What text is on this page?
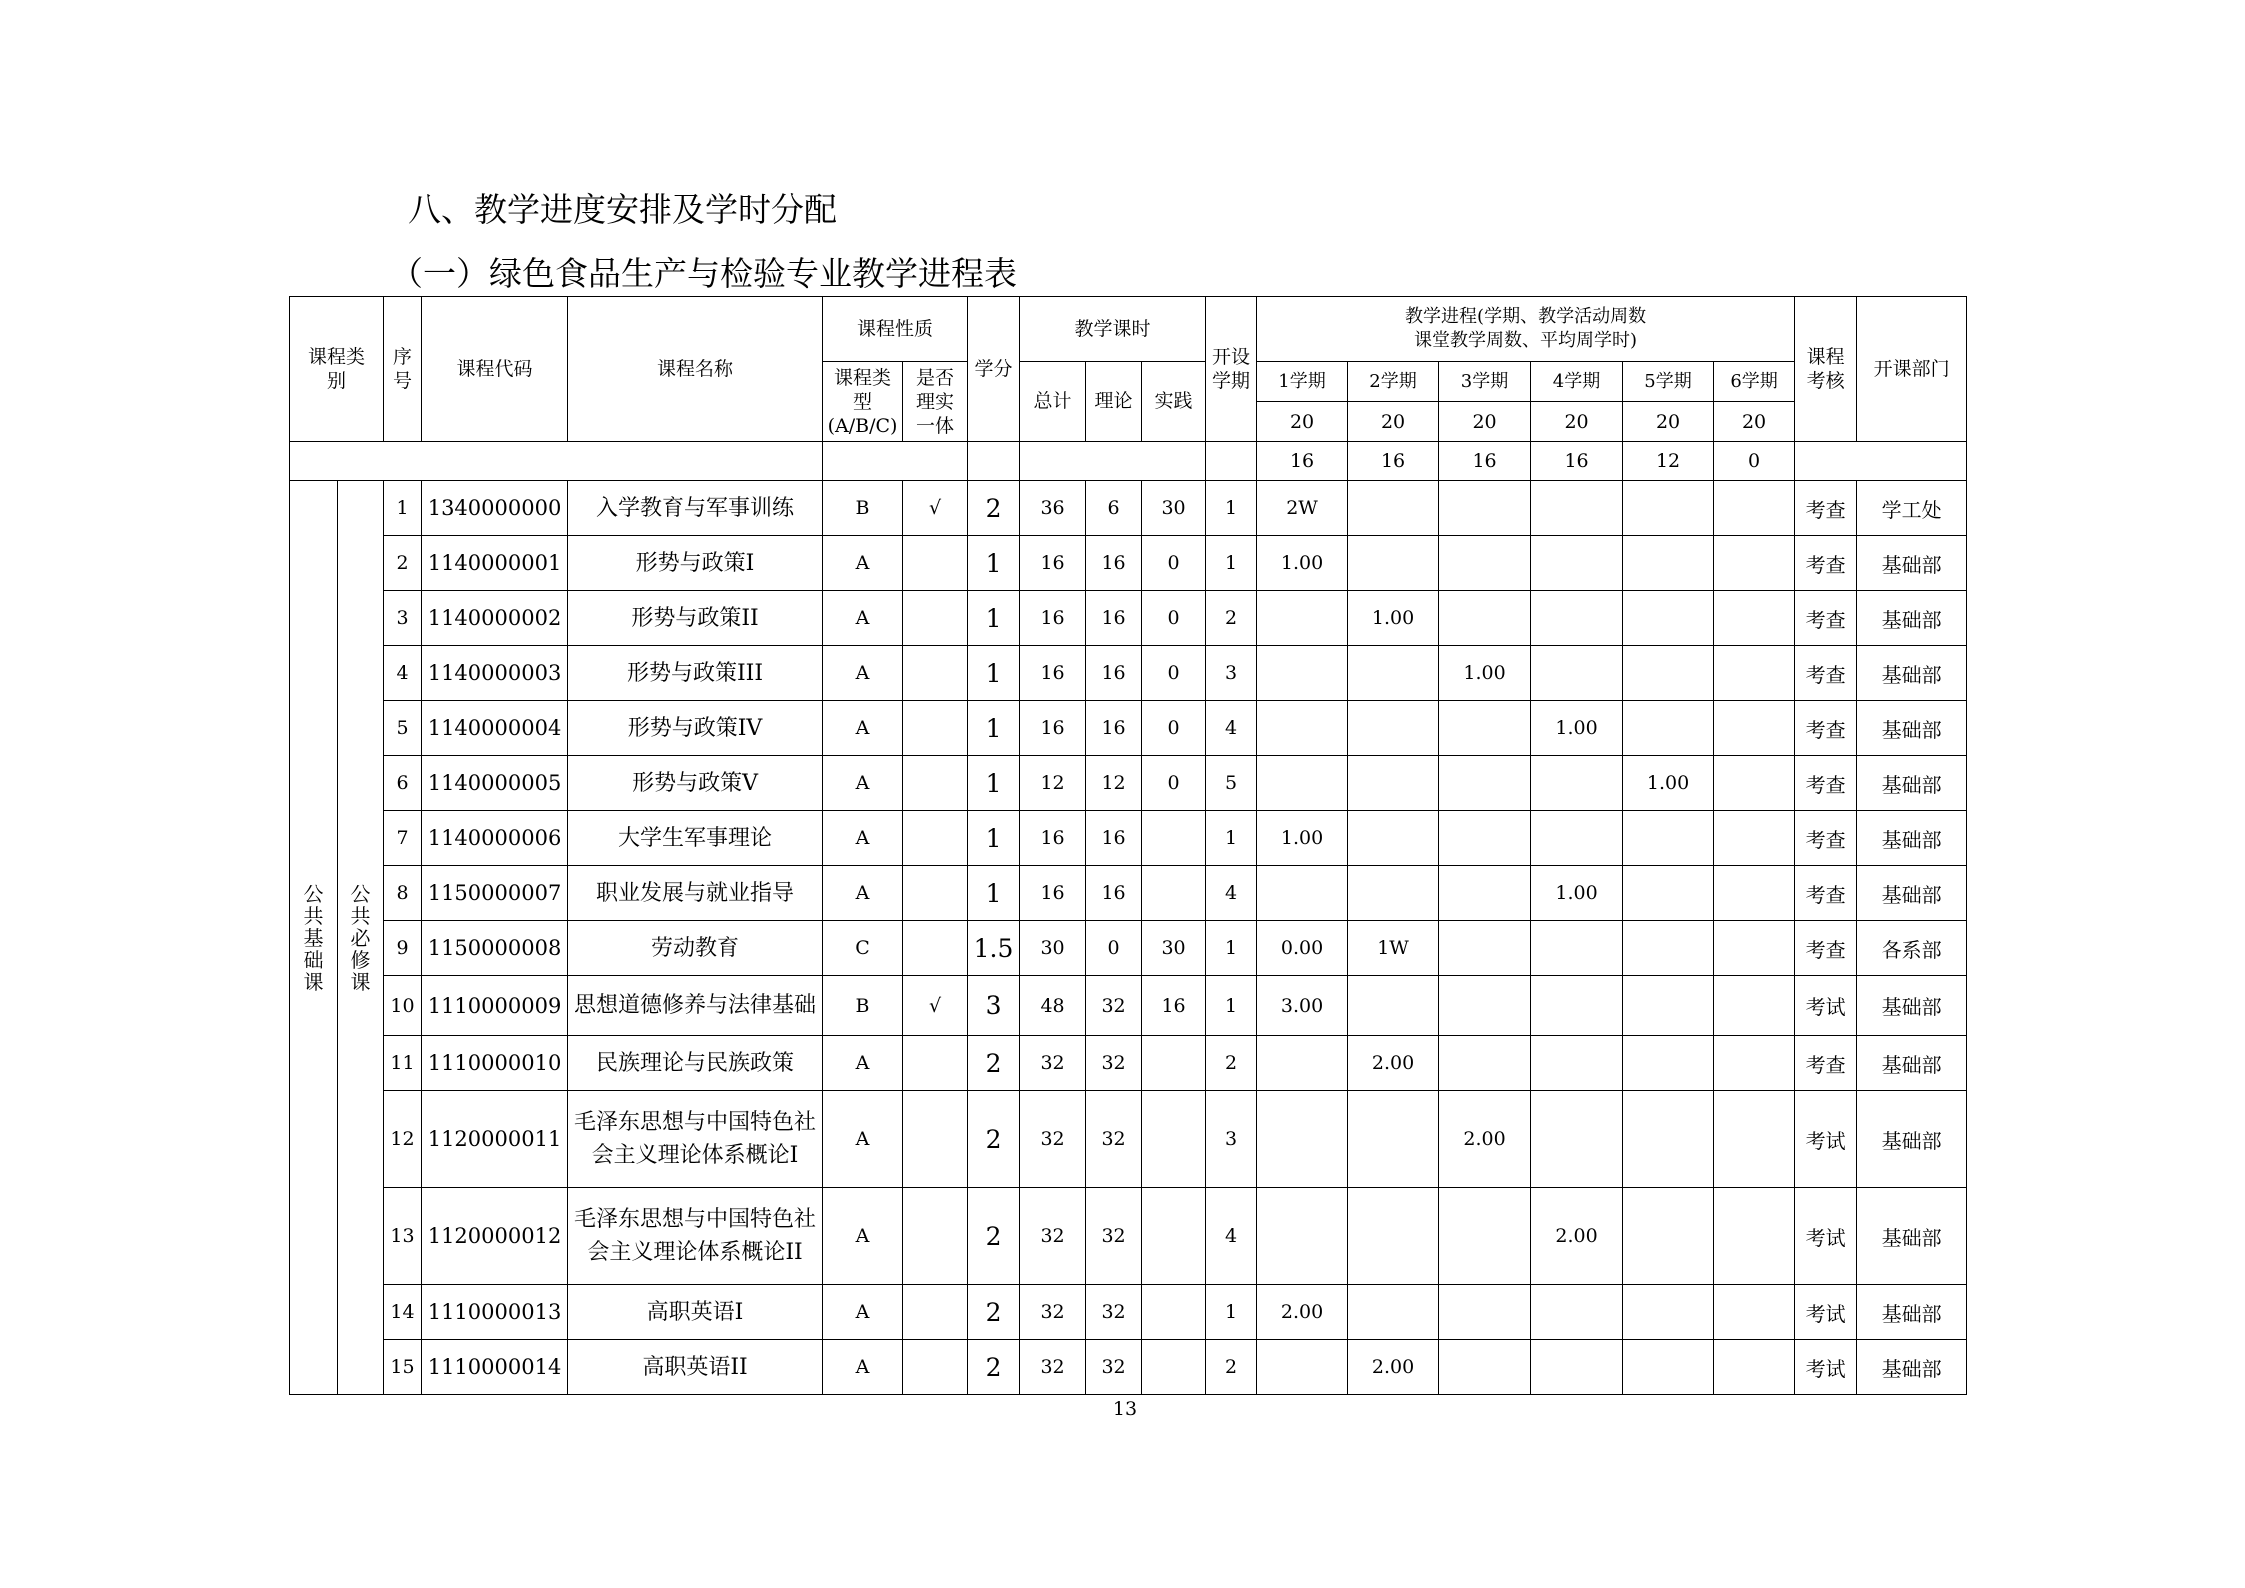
八、教学进度安排及学时分配
（一）绿色食品生产与检验专业教学进程表
课程类别		序号	课程代码	课程名称	课程性质		学分	教学课时			开设学期	教学进程(学期、教学活动周数
课堂教学周数、平均周学时)						课程考核	开课部门
					课程类型(A/B/C)	是否理实一体		总计	理论	实践		1学期	2学期	3学期	4学期	5学期	6学期		
												20	20	20	20	20	20		
												16	16	16	16	12	0		
公共基础课	公共必修课	1	1340000000	入学教育与军事训练	B	√	2	36	6	30	1	2W						考查	学工处
		2	1140000001	形势与政策I	A		1	16	16	0	1	1.00						考查	基础部
		3	1140000002	形势与政策II	A		1	16	16	0	2		1.00					考查	基础部
		4	1140000003	形势与政策III	A		1	16	16	0	3			1.00				考查	基础部
		5	1140000004	形势与政策IV	A		1	16	16	0	4				1.00			考查	基础部
		6	1140000005	形势与政策V	A		1	12	12	0	5					1.00		考查	基础部
		7	1140000006	大学生军事理论	A		1	16	16		1	1.00						考查	基础部
		8	1150000007	职业发展与就业指导	A		1	16	16		4				1.00			考查	基础部
		9	1150000008	劳动教育	C		1.5	30	0	30	1	0.00	1W					考查	各系部
		10	1110000009	思想道德修养与法律基础	B	√	3	48	32	16	1	3.00						考试	基础部
		11	1110000010	民族理论与民族政策	A		2	32	32		2		2.00					考查	基础部
		12	1120000011	毛泽东思想与中国特色社会主义理论体系概论I	A		2	32	32		3			2.00				考试	基础部
		13	1120000012	毛泽东思想与中国特色社会主义理论体系概论II	A		2	32	32		4				2.00			考试	基础部
		14	1110000013	高职英语I	A		2	32	32		1	2.00						考试	基础部
		15	1110000014	高职英语II	A		2	32	32		2		2.00					考试	基础部
13
